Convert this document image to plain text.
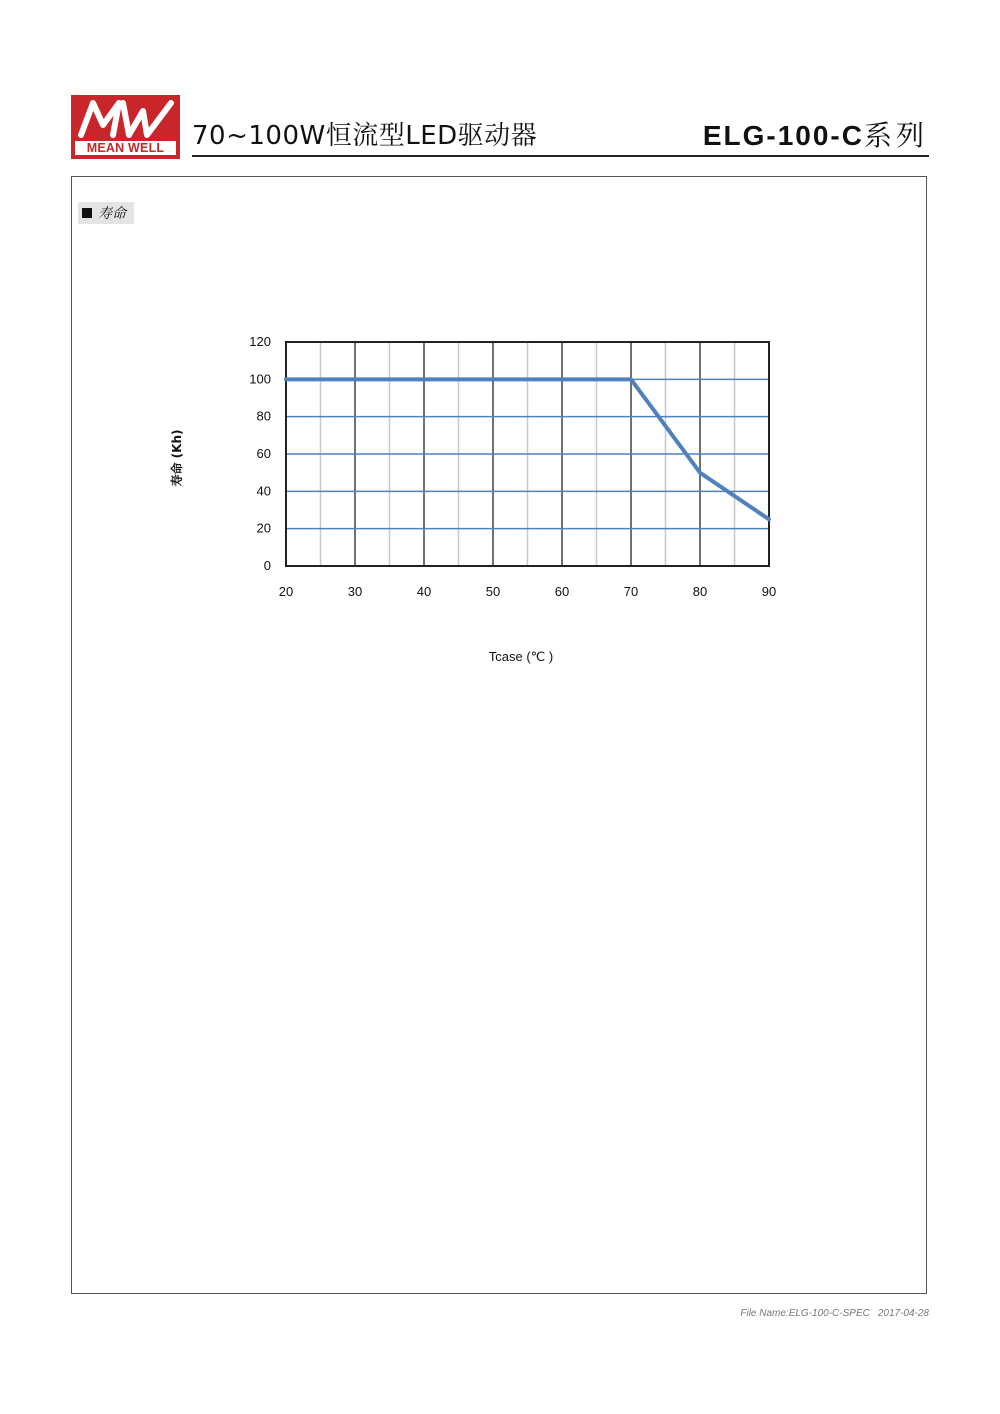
MEAN WELL	70~100W恒流型LED驱动器	ELG-100-C系列
寿命
0
20
40
60
80
100
120
20	30	40	50	60	70	80	90
Tcase (℃ )
寿命 (Kh)
File Name:ELG-100-C-SPEC 2017-04-28
